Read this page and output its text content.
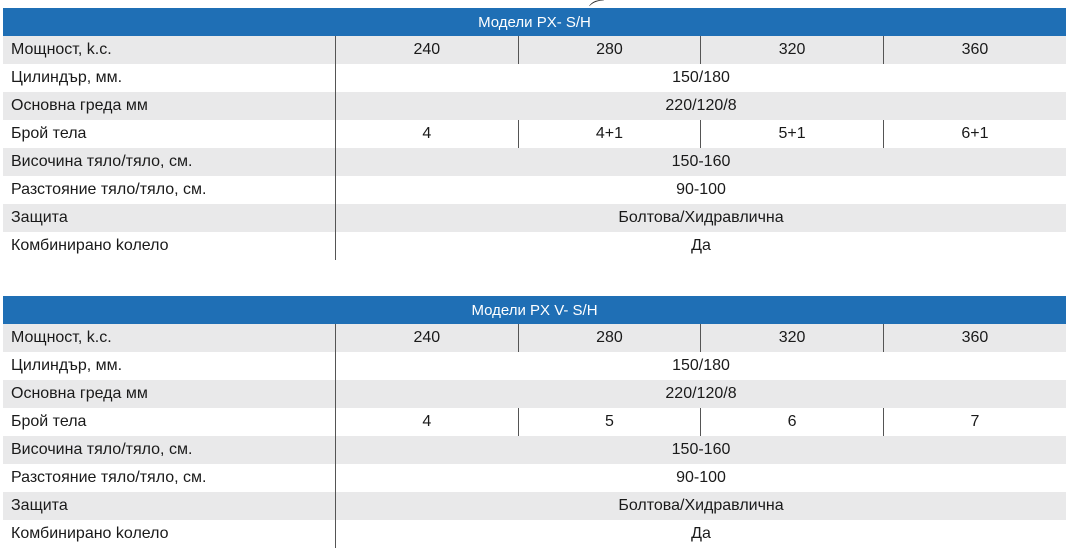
Модели PX- S/H
Мощност, k.c.	240	280	320	360
Цилиндър, мм.	150/180			
Основна греда мм	220/120/8			
Брой тела	4	4+1	5+1	6+1
Височина тяло/тяло, см.	150-160			
Разстояние тяло/тяло, см.	90-100			
Защита	Болтова/Хидравлична			
Комбинирано kолело	Да			
Модели PX V- S/H
Мощност, k.c.	240	280	320	360
Цилиндър, мм.	150/180			
Основна греда мм	220/120/8			
Брой тела	4	5	6	7
Височина тяло/тяло, см.	150-160			
Разстояние тяло/тяло, см.	90-100			
Защита	Болтова/Хидравлична			
Комбинирано kолело	Да			
